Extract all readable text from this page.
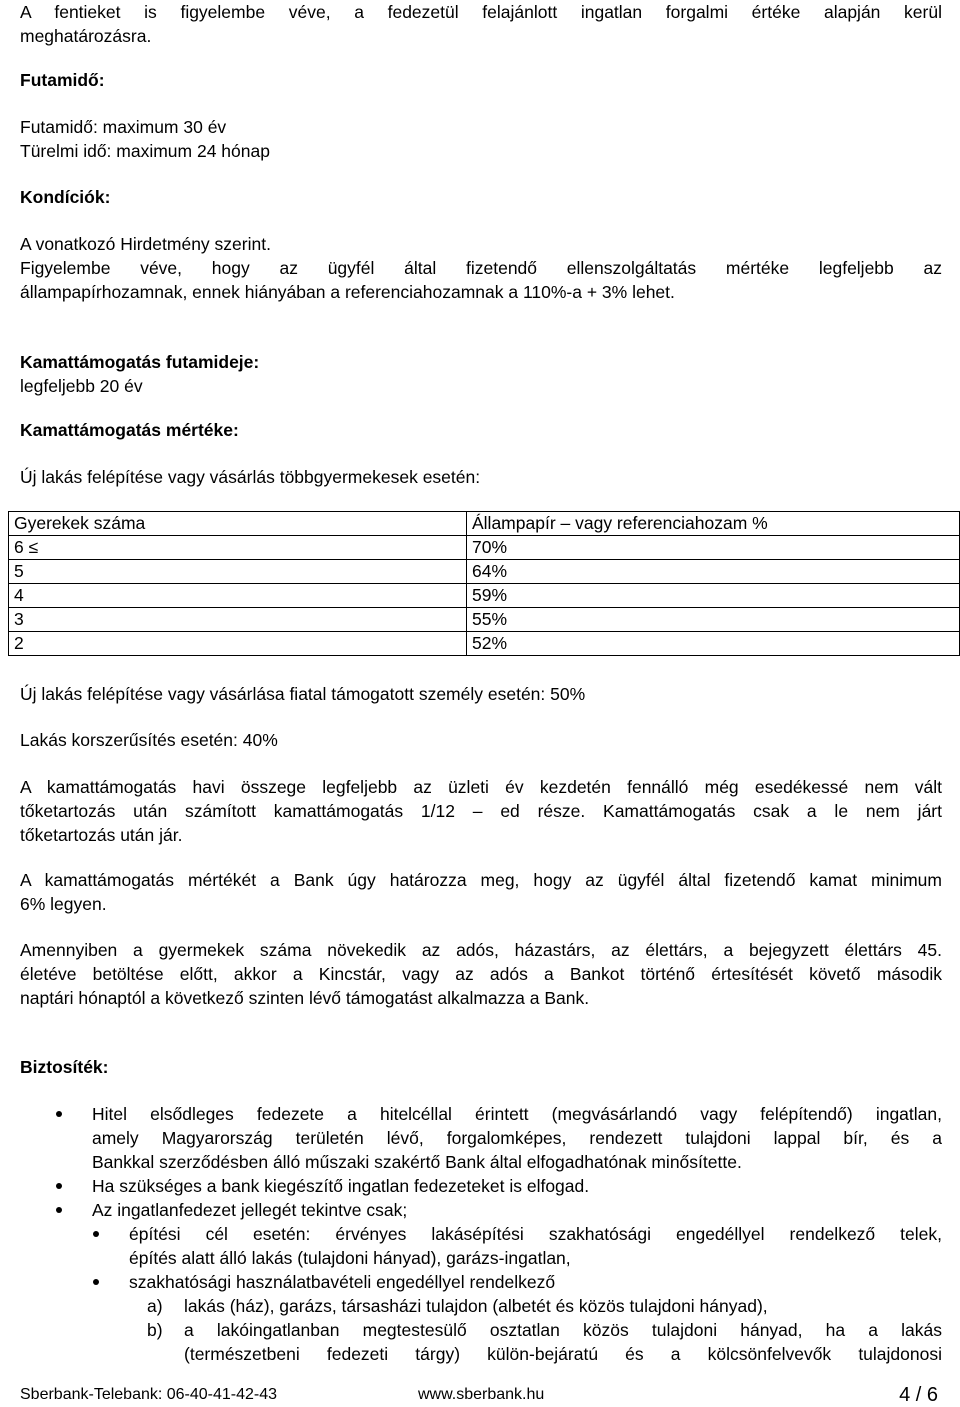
A fentieket is figyelembe véve, a fedezetül felajánlott ingatlan forgalmi értéke alapján kerül
meghatározásra.
Futamidő:
Futamidő: maximum 30 év
Türelmi idő: maximum 24 hónap
Kondíciók:
A vonatkozó Hirdetmény szerint.
Figyelembe véve, hogy az ügyfél által fizetendő ellenszolgáltatás mértéke legfeljebb az
állampapírhozamnak, ennek hiányában a referenciahozamnak a 110%-a + 3% lehet.
Kamattámogatás futamideje:
legfeljebb 20 év
Kamattámogatás mértéke:
Új lakás felépítése vagy vásárlás többgyermekesek esetén:
Gyerekek száma	Állampapír – vagy referenciahozam %
6 ≤	70%
5	64%
4	59%
3	55%
2	52%
Új lakás felépítése vagy vásárlása fiatal támogatott személy esetén: 50%
Lakás korszerűsítés esetén: 40%
A kamattámogatás havi összege legfeljebb az üzleti év kezdetén fennálló még esedékessé nem vált
tőketartozás után számított kamattámogatás 1/12 – ed része. Kamattámogatás csak a le nem járt
tőketartozás után jár.
A kamattámogatás mértékét a Bank úgy határozza meg, hogy az ügyfél által fizetendő kamat minimum
6% legyen.
Amennyiben a gyermekek száma növekedik az adós, házastárs, az élettárs, a bejegyzett élettárs 45.
életéve betöltése előtt, akkor a Kincstár, vagy az adós a Bankot történő értesítését követő második
naptári hónaptól a következő szinten lévő támogatást alkalmazza a Bank.
Biztosíték:
Hitel elsődleges fedezete a hitelcéllal érintett (megvásárlandó vagy felépítendő) ingatlan,
amely Magyarország területén lévő, forgalomképes, rendezett tulajdoni lappal bír, és a
Bankkal szerződésben álló műszaki szakértő Bank által elfogadhatónak minősítette.
Ha szükséges a bank kiegészítő ingatlan fedezeteket is elfogad.
Az ingatlanfedezet jellegét tekintve csak;
építési cél esetén: érvényes lakásépítési szakhatósági engedéllyel rendelkező telek,
építés alatt álló lakás (tulajdoni hányad), garázs-ingatlan,
szakhatósági használatbavételi engedéllyel rendelkező
a) lakás (ház), garázs, társasházi tulajdon (albetét és közös tulajdoni hányad),
b) a lakóingatlanban megtestesülő osztatlan közös tulajdoni hányad, ha a lakás
(természetbeni fedezeti tárgy) külön-bejáratú és a kölcsönfelvevők tulajdonosi
Sberbank-Telebank: 06-40-41-42-43	www.sberbank.hu	4 / 6
